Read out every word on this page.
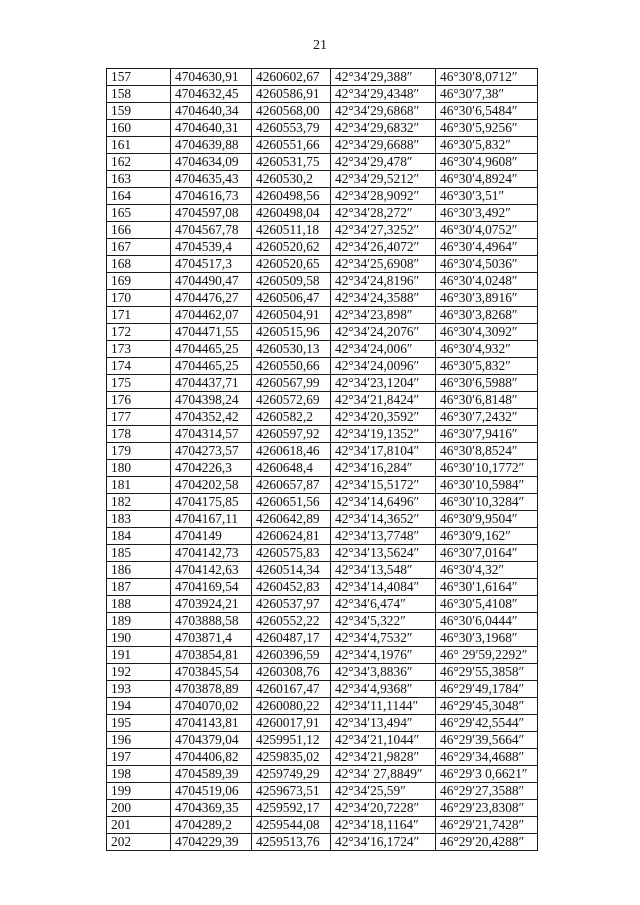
21
157	4704630,91	4260602,67	42°34′29,388″	46°30′8,0712″
158	4704632,45	4260586,91	42°34′29,4348″	46°30′7,38″
159	4704640,34	4260568,00	42°34′29,6868″	46°30′6,5484″
160	4704640,31	4260553,79	42°34′29,6832″	46°30′5,9256″
161	4704639,88	4260551,66	42°34′29,6688″	46°30′5,832″
162	4704634,09	4260531,75	42°34′29,478″	46°30′4,9608″
163	4704635,43	4260530,2	42°34′29,5212″	46°30′4,8924″
164	4704616,73	4260498,56	42°34′28,9092″	46°30′3,51″
165	4704597,08	4260498,04	42°34′28,272″	46°30′3,492″
166	4704567,78	4260511,18	42°34′27,3252″	46°30′4,0752″
167	4704539,4	4260520,62	42°34′26,4072″	46°30′4,4964″
168	4704517,3	4260520,65	42°34′25,6908″	46°30′4,5036″
169	4704490,47	4260509,58	42°34′24,8196″	46°30′4,0248″
170	4704476,27	4260506,47	42°34′24,3588″	46°30′3,8916″
171	4704462,07	4260504,91	42°34′23,898″	46°30′3,8268″
172	4704471,55	4260515,96	42°34′24,2076″	46°30′4,3092″
173	4704465,25	4260530,13	42°34′24,006″	46°30′4,932″
174	4704465,25	4260550,66	42°34′24,0096″	46°30′5,832″
175	4704437,71	4260567,99	42°34′23,1204″	46°30′6,5988″
176	4704398,24	4260572,69	42°34′21,8424″	46°30′6,8148″
177	4704352,42	4260582,2	42°34′20,3592″	46°30′7,2432″
178	4704314,57	4260597,92	42°34′19,1352″	46°30′7,9416″
179	4704273,57	4260618,46	42°34′17,8104″	46°30′8,8524″
180	4704226,3	4260648,4	42°34′16,284″	46°30′10,1772″
181	4704202,58	4260657,87	42°34′15,5172″	46°30′10,5984″
182	4704175,85	4260651,56	42°34′14,6496″	46°30′10,3284″
183	4704167,11	4260642,89	42°34′14,3652″	46°30′9,9504″
184	4704149	4260624,81	42°34′13,7748″	46°30′9,162″
185	4704142,73	4260575,83	42°34′13,5624″	46°30′7,0164″
186	4704142,63	4260514,34	42°34′13,548″	46°30′4,32″
187	4704169,54	4260452,83	42°34′14,4084″	46°30′1,6164″
188	4703924,21	4260537,97	42°34′6,474″	46°30′5,4108″
189	4703888,58	4260552,22	42°34′5,322″	46°30′6,0444″
190	4703871,4	4260487,17	42°34′4,7532″	46°30′3,1968″
191	4703854,81	4260396,59	42°34′4,1976″	46° 29′59,2292″
192	4703845,54	4260308,76	42°34′3,8836″	46°29′55,3858″
193	4703878,89	4260167,47	42°34′4,9368″	46°29′49,1784″
194	4704070,02	4260080,22	42°34′11,1144″	46°29′45,3048″
195	4704143,81	4260017,91	42°34′13,494″	46°29′42,5544″
196	4704379,04	4259951,12	42°34′21,1044″	46°29′39,5664″
197	4704406,82	4259835,02	42°34′21,9828″	46°29′34,4688″
198	4704589,39	4259749,29	42°34′ 27,8849″	46°29′3 0,6621″
199	4704519,06	4259673,51	42°34′25,59″	46°29′27,3588″
200	4704369,35	4259592,17	42°34′20,7228″	46°29′23,8308″
201	4704289,2	4259544,08	42°34′18,1164″	46°29′21,7428″
202	4704229,39	4259513,76	42°34′16,1724″	46°29′20,4288″
